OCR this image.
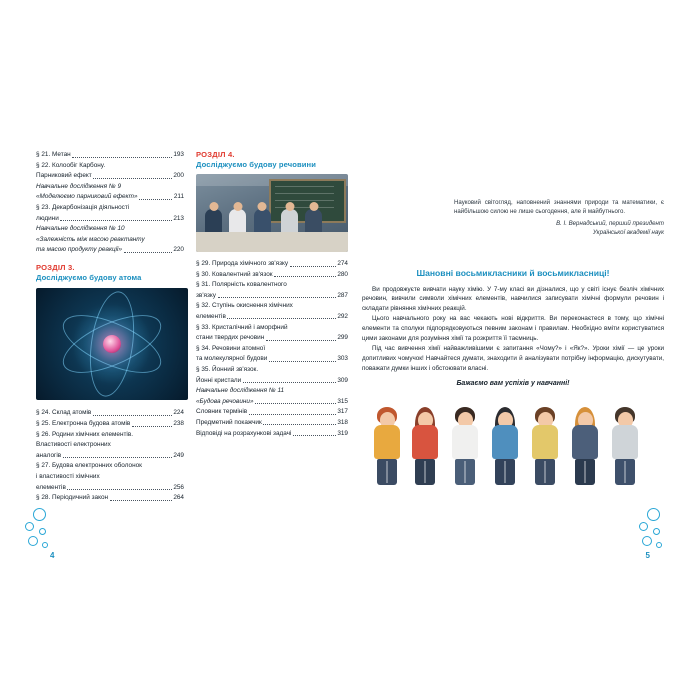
§ 21. Метан	193
§ 22. Колообіг Карбону.
Парниковий ефект	200
Навчальне дослідження № 9
«Моделюємо парниковий ефект»	211
§ 23. Декарбонізація діяльності
людини	213
Навчальне дослідження № 10
«Залежність між масою реактанту
та масою продукту реакції»	220
РОЗДІЛ 3.
Досліджуємо будову атома
§ 24. Склад атомів	224
§ 25. Електронна будова атомів	238
§ 26. Родини хімічних елементів.
Властивості електронних
аналогів	249
§ 27. Будова електронних оболонок
і властивості хімічних
елементів	256
§ 28. Періодичний закон	264
РОЗДІЛ 4.
Досліджуємо будову речовини
§ 29. Природа хімічного зв'язку	274
§ 30. Ковалентний зв'язок	280
§ 31. Полярність ковалентного
зв'язку	287
§ 32. Ступінь окиснення хімічних
елементів	292
§ 33. Кристалічний і аморфний
стани твердих речовин	299
§ 34. Речовини атомної
та молекулярної будови	303
§ 35. Йонний зв'язок.
Йонні кристали	309
Навчальне дослідження № 11
«Будова речовини»	315
Словник термінів	317
Предметний покажчик	318
Відповіді на розрахункові задачі	319
4
Науковий світогляд, наповнений знаннями природи та математики, є найбільшою силою не лише сьогодення, але й майбутнього.
В. І. Вернадський, перший президент
Української академії наук
Шановні восьмикласники й восьмикласниці!

Ви продовжуєте вивчати науку хімію. У 7-му класі ви дізналися, що у світі існує безліч хімічних речовин, вивчили символи хімічних елементів, навчилися записувати хімічні формули речовин і складати рівняння хімічних реакцій.

Цього навчального року на вас чекають нові відкриття. Ви переконаєтеся в тому, що хімічні елементи та сполуки підпорядковуються певним законам і правилам. Необхідно вміти користуватися цими законами для розуміння хімії та розкриття її таємниць.

Під час вивчення хімії найважливішими є запитання «Чому?» і «Як?». Уроки хімії — це уроки допитливих чомучок! Навчайтеся думати, знаходити й аналізувати потрібну інформацію, дискутувати, поважати думки інших і обстоювати власні.

Бажаємо вам успіхів у навчанні!
5
